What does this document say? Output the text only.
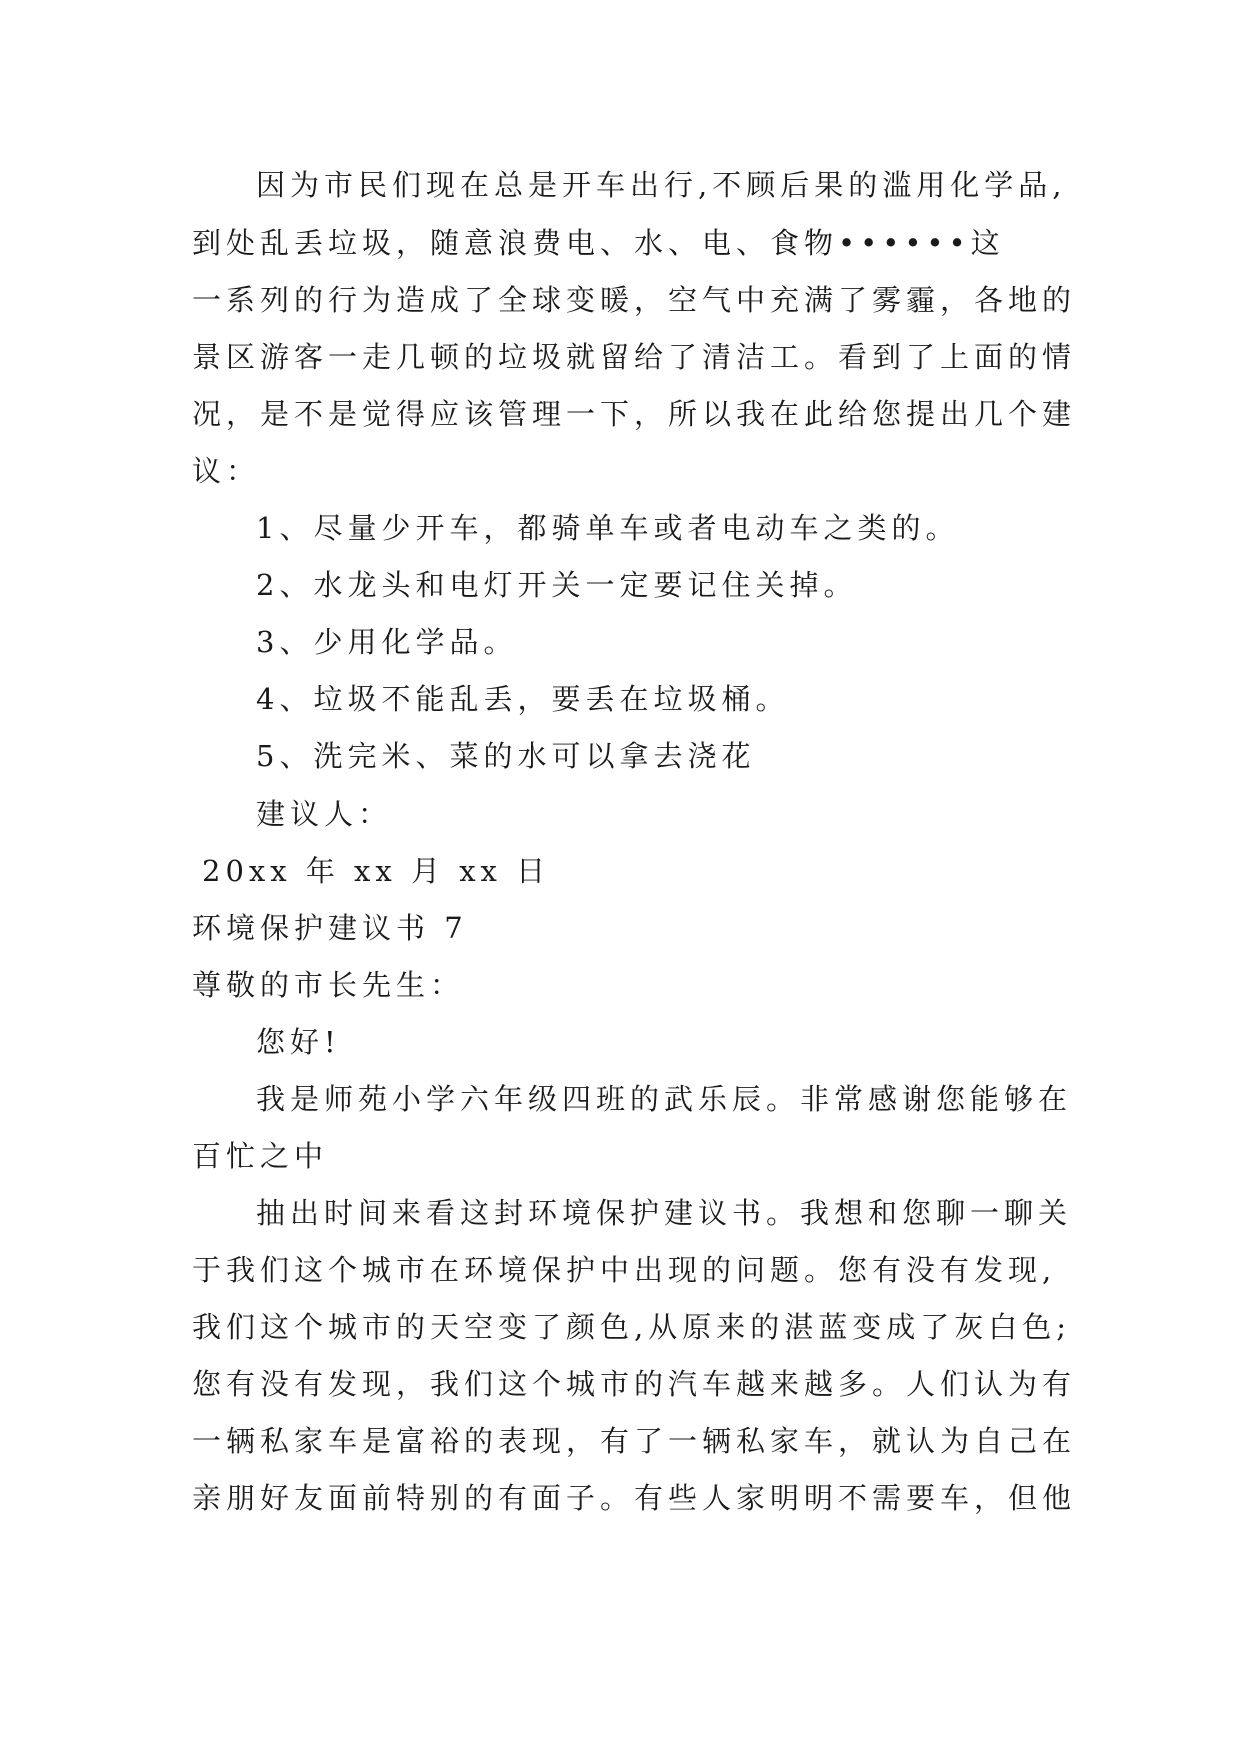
因为市民们现在总是开车出行,不顾后果的滥用化学品,
到处乱丢垃圾，随意浪费电、水、电、食物••••••这
一系列的行为造成了全球变暖，空气中充满了雾霾，各地的
景区游客一走几顿的垃圾就留给了清洁工。看到了上面的情
况，是不是觉得应该管理一下，所以我在此给您提出几个建
议：
1、尽量少开车，都骑单车或者电动车之类的。
2、水龙头和电灯开关一定要记住关掉。
3、少用化学品。
4、垃圾不能乱丢，要丢在垃圾桶。
5、洗完米、菜的水可以拿去浇花
建议人：
20xx 年 xx 月 xx 日
环境保护建议书 7
尊敬的市长先生：
您好!
我是师苑小学六年级四班的武乐辰。非常感谢您能够在
百忙之中
抽出时间来看这封环境保护建议书。我想和您聊一聊关
于我们这个城市在环境保护中出现的问题。您有没有发现,
我们这个城市的天空变了颜色,从原来的湛蓝变成了灰白色;
您有没有发现，我们这个城市的汽车越来越多。人们认为有
一辆私家车是富裕的表现，有了一辆私家车，就认为自己在
亲朋好友面前特别的有面子。有些人家明明不需要车，但他
